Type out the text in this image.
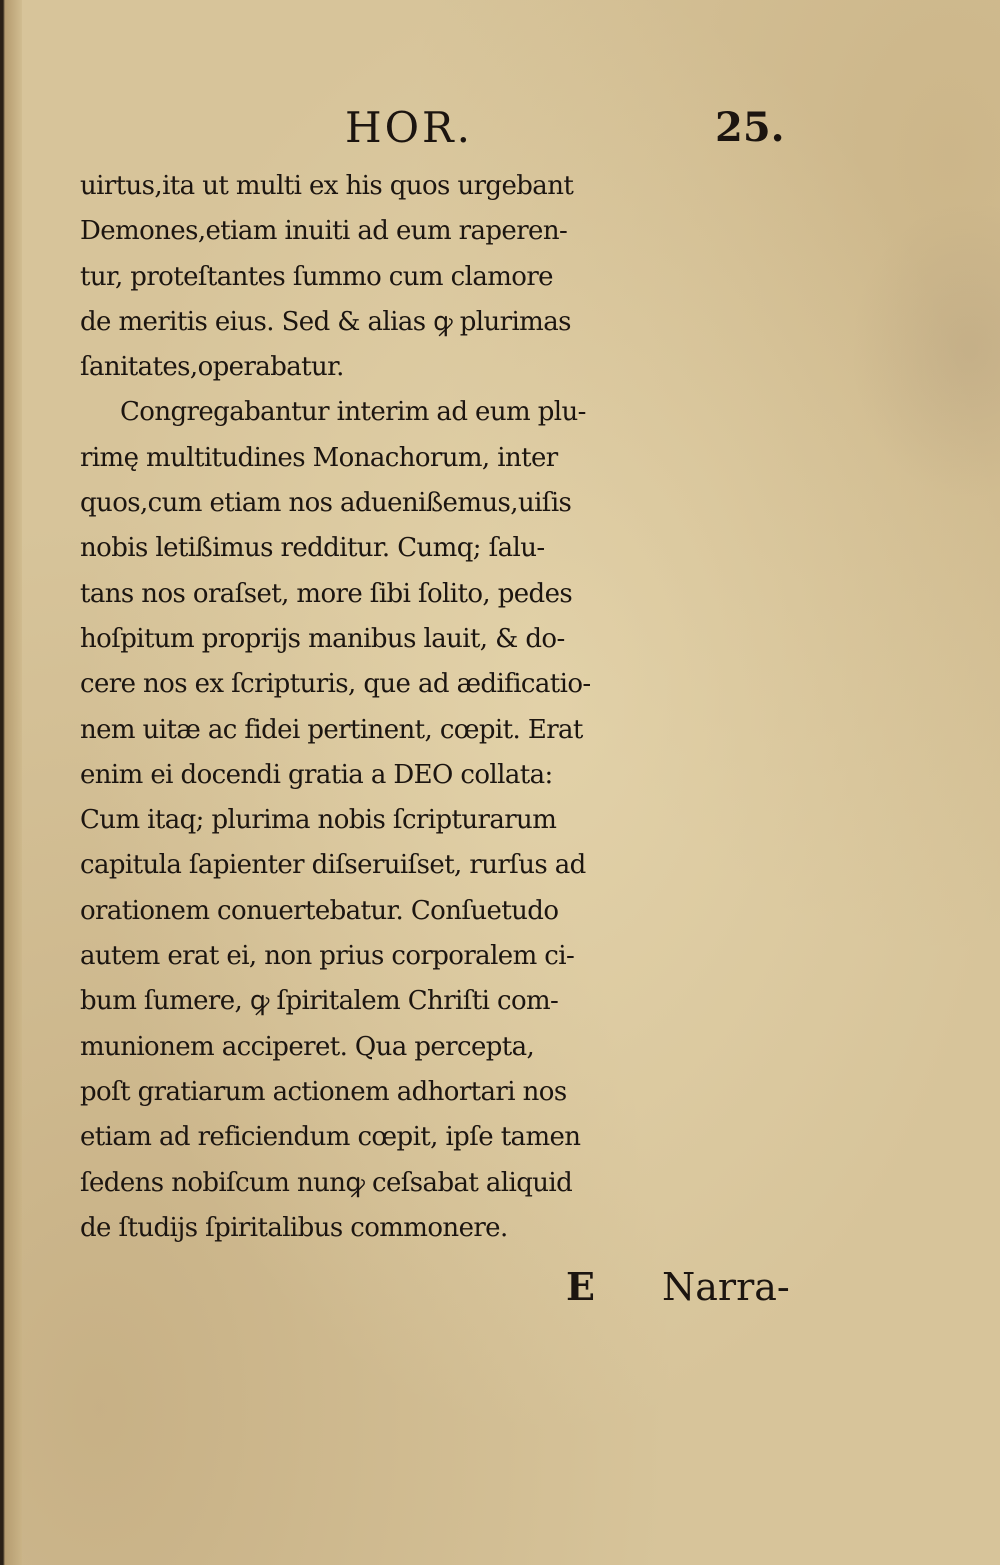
HOR.	25.
uirtus,ita ut multi ex his quos urgebant
Demones,etiam inuiti ad eum raperen-
tur, proteſtantes ſummo cum clamore
de meritis eius. Sed & alias ꝙ plurimas
ſanitates,operabatur.
Congregabantur interim ad eum plu-
rimę multitudines Monachorum, inter
quos,cum etiam nos aduenißemus,uiſis
nobis letißimus redditur. Cumq; ſalu-
tans nos oraſset, more ſibi ſolito, pedes
hoſpitum proprijs manibus lauit, & do-
cere nos ex ſcripturis, que ad ædificatio-
nem uitæ ac fidei pertinent, cœpit. Erat
enim ei docendi gratia a DEO collata:
Cum itaq; plurima nobis ſcripturarum
capitula ſapienter diſseruiſset, rurſus ad
orationem conuertebatur. Conſuetudo
autem erat ei, non prius corporalem ci-
bum ſumere, ꝙ ſpiritalem Chriſti com-
munionem acciperet. Qua percepta,
poſt gratiarum actionem adhortari nos
etiam ad reficiendum cœpit, ipſe tamen
ſedens nobiſcum nunꝙ ceſsabat aliquid
de ſtudijs ſpiritalibus commonere.
E Narra-
